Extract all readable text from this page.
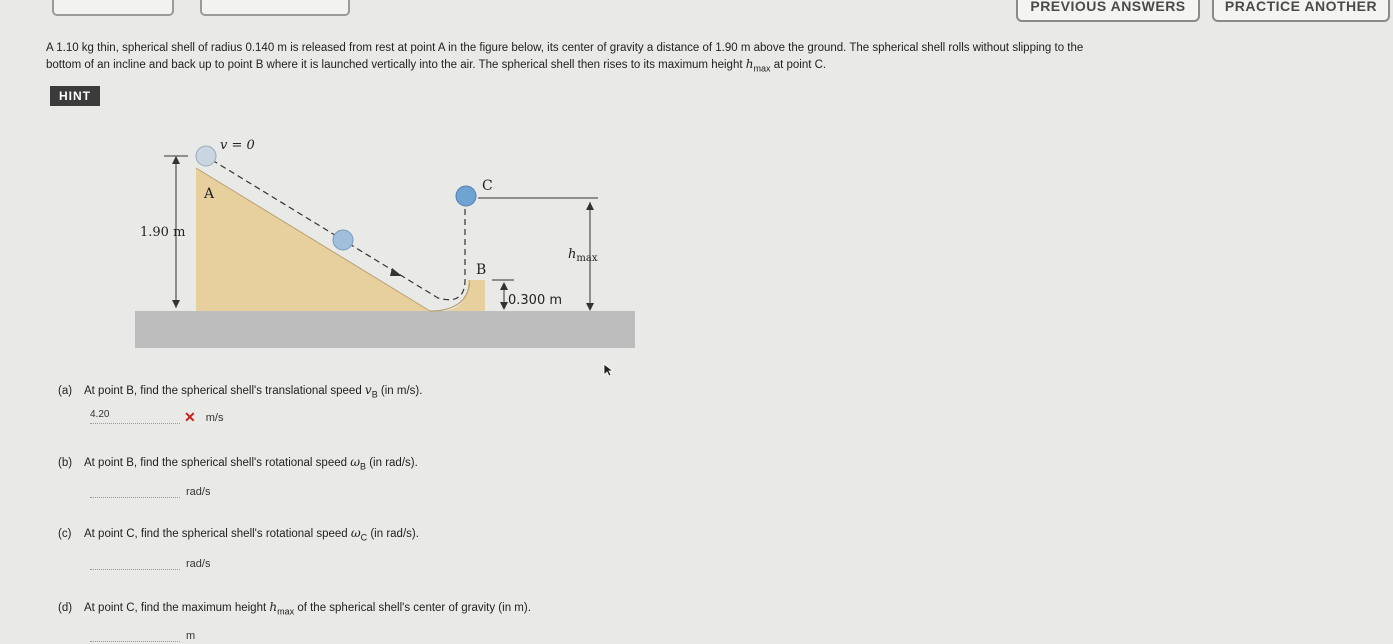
PREVIOUS ANSWERS	PRACTICE ANOTHER
A 1.10 kg thin, spherical shell of radius 0.140 m is released from rest at point A in the figure below, its center of gravity a distance of 1.90 m above the ground. The spherical shell rolls without slipping to the
bottom of an incline and back up to point B where it is launched vertically into the air. The spherical shell then rises to its maximum height $h_{max}$ at point C.
HINT
1.90 m
v = 0
A	C
B
$h_{max}$
0.300 m
(a) At point B, find the spherical shell's translational speed $v_B$ (in m/s).
4.20
✕ m/s
(b) At point B, find the spherical shell's rotational speed $\omega_B$ (in rad/s).
rad/s
(c) At point C, find the spherical shell's rotational speed $\omega_C$ (in rad/s).
rad/s
(d) At point C, find the maximum height $h_{max}$ of the spherical shell's center of gravity (in m).
m
